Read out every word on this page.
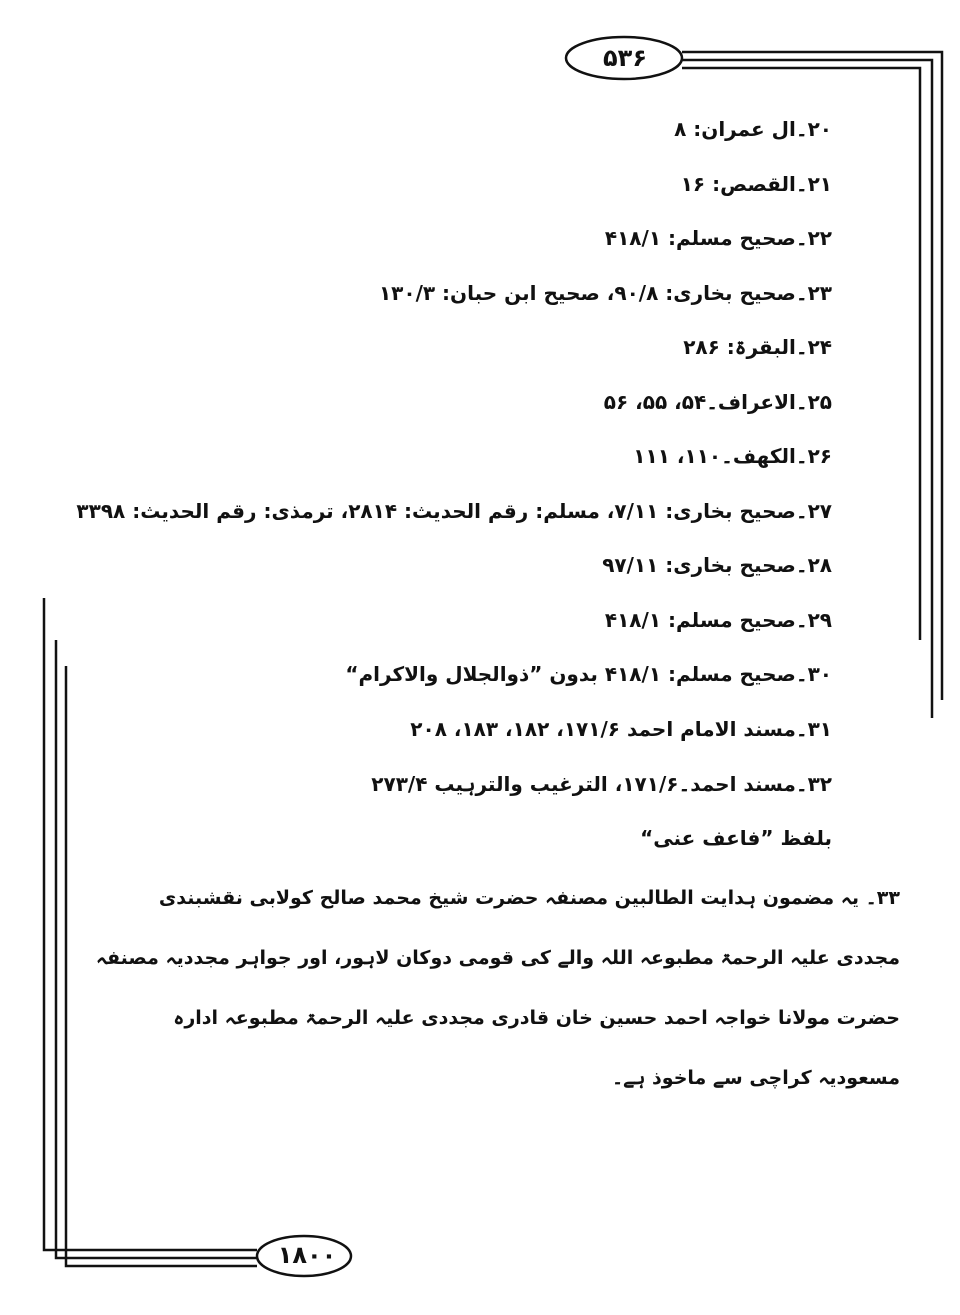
۵۳۶
۱۸۰۰
۲۰۔ال عمران: ۸
۲۱۔القصص: ۱۶
۲۲۔صحیح مسلم: ۴۱۸/۱
۲۳۔صحیح بخاری: ۹۰/۸، صحیح ابن حبان: ۱۳۰/۳
۲۴۔البقرۃ: ۲۸۶
۲۵۔الاعراف۔۵۴، ۵۵، ۵۶
۲۶۔الکھف۔۱۱۰، ۱۱۱
۲۷۔صحیح بخاری: ۷/۱۱، مسلم: رقم الحدیث: ۲۸۱۴، ترمذی: رقم الحدیث: ۳۳۹۸
۲۸۔صحیح بخاری: ۹۷/۱۱
۲۹۔صحیح مسلم: ۴۱۸/۱
۳۰۔صحیح مسلم: ۴۱۸/۱ بدون ”ذوالجلال والاکرام“
۳۱۔مسند الامام احمد ۱۷۱/۶، ۱۸۲، ۱۸۳، ۲۰۸
۳۲۔مسند احمد۔۱۷۱/۶، الترغیب والترہیب ۲۷۳/۴
بلفظ ”فاعف عنی“
۳۳۔ یہ مضمون ہدایت الطالبین مصنفہ حضرت شیخ محمد صالح کولابی نقشبندی مجددی علیہ الرحمۃ مطبوعہ اللہ والے کی قومی دوکان لاہور، اور جواہر مجددیہ مصنفہ حضرت مولانا خواجہ احمد حسین خان قادری مجددی علیہ الرحمۃ مطبوعہ ادارہ مسعودیہ کراچی سے ماخوذ ہے۔
